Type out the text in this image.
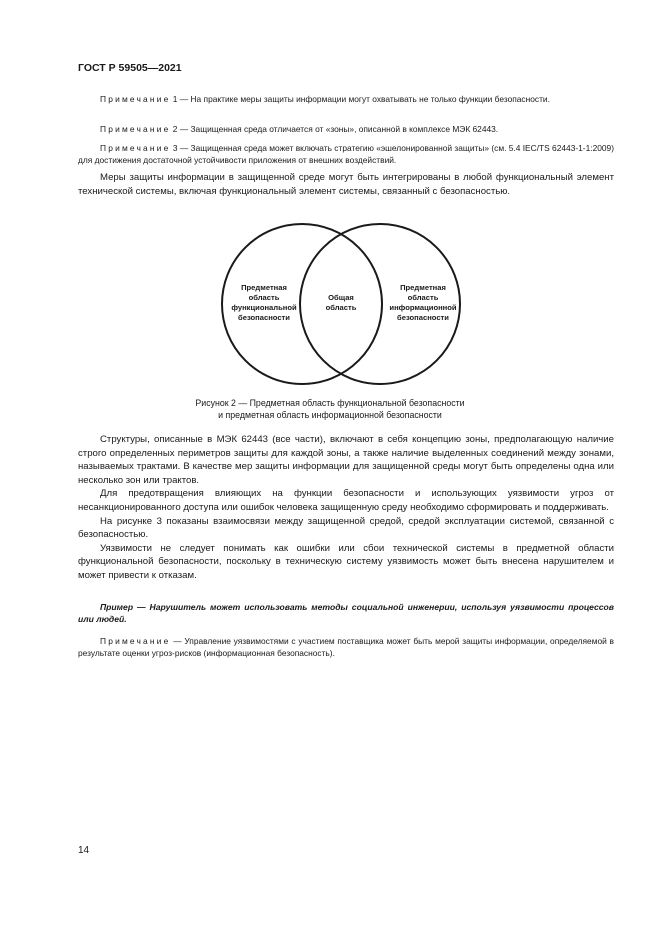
ГОСТ Р 59505—2021
Примечание 1 — На практике меры защиты информации могут охватывать не только функции безопасности.
Примечание 2 — Защищенная среда отличается от «зоны», описанной в комплексе МЭК 62443.
Примечание 3 — Защищенная среда может включать стратегию «эшелонированной защиты» (см. 5.4 IEC/TS 62443-1-1:2009) для достижения достаточной устойчивости приложения от внешних воздействий.

Меры защиты информации в защищенной среде могут быть интегрированы в любой функциональный элемент технической системы, включая функциональный элемент системы, связанный с безопасностью.

Предметная
область
функциональной
безопасности
Общая
область
Предметная
область
информационной
безопасности
Рисунок 2 — Предметная область функциональной безопасности
и предметная область информационной безопасности

Структуры, описанные в МЭК 62443 (все части), включают в себя концепцию зоны, предполагающую наличие строго определенных периметров защиты для каждой зоны, а также наличие выделенных соединений между зонами, называемых трактами. В качестве мер защиты информации для защищенной среды могут быть определены одна или несколько зон или трактов.

Для предотвращения влияющих на функции безопасности и использующих уязвимости угроз от несанкционированного доступа или ошибок человека защищенную среду необходимо сформировать и поддерживать.

На рисунке 3 показаны взаимосвязи между защищенной средой, средой эксплуатации системой, связанной с безопасностью.

Уязвимости не следует понимать как ошибки или сбои технической системы в предметной области функциональной безопасности, поскольку в техническую систему уязвимость может быть внесена нарушителем и может привести к отказам.

Пример — Нарушитель может использовать методы социальной инженерии, используя уязвимости процессов или людей.
Примечание — Управление уязвимостями с участием поставщика может быть мерой защиты информации, определяемой в результате оценки угроз-рисков (информационная безопасность).
14
